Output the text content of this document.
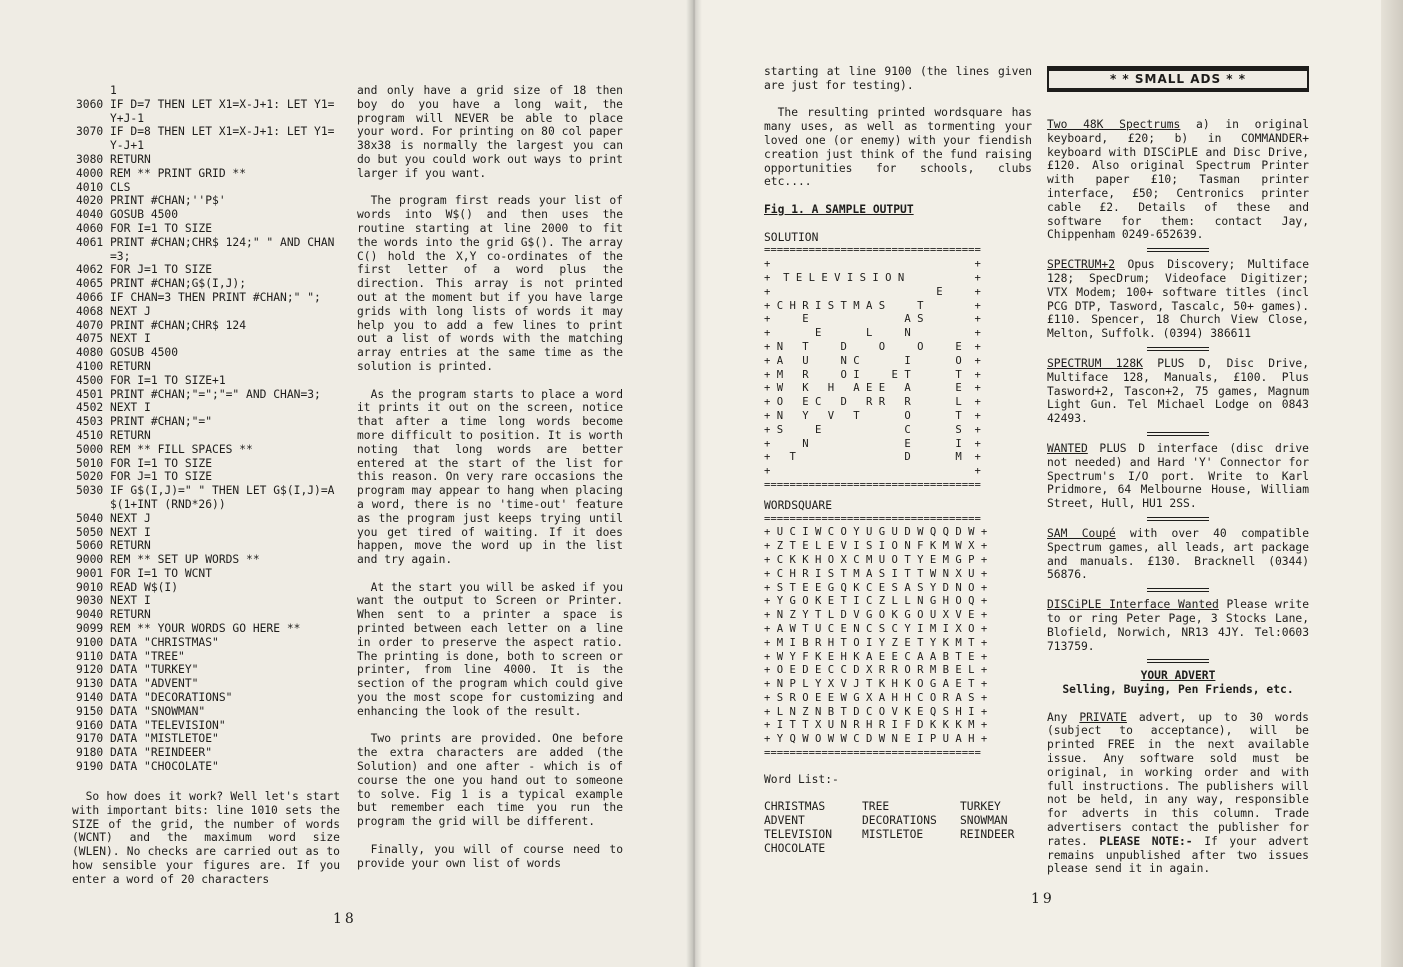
1
3060 IF D=7 THEN LET X1=X-J+1: LET Y1=
Y+J-1
3070 IF D=8 THEN LET X1=X-J+1: LET Y1=
Y-J+1
3080 RETURN
4000 REM ** PRINT GRID **
4010 CLS
4020 PRINT #CHAN;''P$'
4040 GOSUB 4500
4060 FOR I=1 TO SIZE
4061 PRINT #CHAN;CHR$ 124;" " AND CHAN
=3;
4062 FOR J=1 TO SIZE
4065 PRINT #CHAN;G$(I,J);
4066 IF CHAN=3 THEN PRINT #CHAN;" ";
4068 NEXT J
4070 PRINT #CHAN;CHR$ 124
4075 NEXT I
4080 GOSUB 4500
4100 RETURN
4500 FOR I=1 TO SIZE+1
4501 PRINT #CHAN;"=";"=" AND CHAN=3;
4502 NEXT I
4503 PRINT #CHAN;"="
4510 RETURN
5000 REM ** FILL SPACES **
5010 FOR I=1 TO SIZE
5020 FOR J=1 TO SIZE
5030 IF G$(I,J)=" " THEN LET G$(I,J)=A
$(1+INT (RND*26))
5040 NEXT J
5050 NEXT I
5060 RETURN
9000 REM ** SET UP WORDS **
9001 FOR I=1 TO WCNT
9010 READ W$(I)
9030 NEXT I
9040 RETURN
9099 REM ** YOUR WORDS GO HERE **
9100 DATA "CHRISTMAS"
9110 DATA "TREE"
9120 DATA "TURKEY"
9130 DATA "ADVENT"
9140 DATA "DECORATIONS"
9150 DATA "SNOWMAN"
9160 DATA "TELEVISION"
9170 DATA "MISTLETOE"
9180 DATA "REINDEER"
9190 DATA "CHOCOLATE"

So how does it work? Well let's start with important bits: line 1010 sets the SIZE of the grid, the number of words (WCNT) and the maximum word size (WLEN). No checks are carried out as to how sensible your figures are. If you enter a word of 20 characters

and only have a grid size of 18 then boy do you have a long wait, the program will NEVER be able to place your word. For printing on 80 col paper 38x38 is normally the largest you can do but you could work out ways to print larger if you want.

The program first reads your list of words into W$() and then uses the routine starting at line 2000 to fit the words into the grid G$(). The array C() hold the X,Y co-ordinates of the first letter of a word plus the direction. This array is not printed out at the moment but if you have large grids with long lists of words it may help you to add a few lines to print out a list of words with the matching array entries at the same time as the solution is printed.

As the program starts to place a word it prints it out on the screen, notice that after a time long words become more difficult to position. It is worth noting that long words are better entered at the start of the list for this reason. On very rare occasions the program may appear to hang when placing a word, there is no 'time-out' feature as the program just keeps trying until you get tired of waiting. If it does happen, move the word up in the list and try again.

At the start you will be asked if you want the output to Screen or Printer. When sent to a printer a space is printed between each letter on a line in order to preserve the aspect ratio. The printing is done, both to screen or printer, from line 4000. It is the section of the program which could give you the most scope for customizing and enhancing the look of the result.

Two prints are provided. One before the extra characters are added (the Solution) and one after - which is of course the one you hand out to someone to solve. Fig 1 is a typical example but remember each time you run the program the grid will be different.

Finally, you will of course need to provide your own list of words

18

starting at line 9100 (the lines given are just for testing).

The resulting printed wordsquare has many uses, as well as tormenting your loved one (or enemy) with your fiendish creation just think of the fund raising opportunities for schools, clubs etc....

Fig 1. A SAMPLE OUTPUT
SOLUTION
==================================
+                                +
+  T E L E V I S I O N           +
+                          E     +
+ C H R I S T M A S     T        +
+     E               A S        +
+       E       L     N          +
+ N   T     D     O     O     E  +
+ A   U     N C       I       O  +
+ M   R     O I     E T       T  +
+ W   K   H   A E E   A       E  +
+ O   E C   D   R R   R       L  +
+ N   Y   V   T       O       T  +
+ S     E             C       S  +
+     N               E       I  +
+   T                 D       M  +
+                                +
==================================
WORDSQUARE
==================================
+ U C I W C O Y U G U D W Q Q D W +
+ Z T E L E V I S I O N F K M W X +
+ C K K H O X C M U O T Y E M G P +
+ C H R I S T M A S I T T W N X U +
+ S T E E G Q K C E S A S Y D N O +
+ Y G O K E T I C Z L L N G H O Q +
+ N Z Y T L D V G O K G O U X V E +
+ A W T U C E N C S C Y I M I X O +
+ M I B R H T O I Y Z E T Y K M T +
+ W Y F K E H K A E E C A A B T E +
+ O E D E C C D X R R O R M B E L +
+ N P L Y X V J T K H K O G A E T +
+ S R O E E W G X A H H C O R A S +
+ L N Z N B T D C O V K E Q S H I +
+ I T T X U N R H R I F D K K K M +
+ Y Q W O W W C D W N E I P U A H +
==================================
Word List:-
CHRISTMAS	TREE	TURKEY
ADVENT	DECORATIONS	SNOWMAN
TELEVISION	MISTLETOE	REINDEER
CHOCOLATE
* * SMALL ADS * *
Two 48K Spectrums a) in original keyboard, £20; b) in COMMANDER+ keyboard with DISCiPLE and Disc Drive, £120. Also original Spectrum Printer with paper £10; Tasman printer interface, £50; Centronics printer cable £2. Details of these and software for them: contact Jay, Chippenham 0249-652639.
SPECTRUM+2 Opus Discovery; Multiface 128; SpecDrum; Videoface Digitizer; VTX Modem; 100+ software titles (incl PCG DTP, Tasword, Tascalc, 50+ games). £110. Spencer, 18 Church View Close, Melton, Suffolk. (0394) 386611
SPECTRUM 128K PLUS D, Disc Drive, Multiface 128, Manuals, £100. Plus Tasword+2, Tascon+2, 75 games, Magnum Light Gun. Tel Michael Lodge on 0843 42493.
WANTED PLUS D interface (disc drive not needed) and Hard 'Y' Connector for Spectrum's I/O port. Write to Karl Pridmore, 64 Melbourne House, William Street, Hull, HU1 2SS.
SAM Coupé with over 40 compatible Spectrum games, all leads, art package and manuals. £130. Bracknell (0344) 56876.
DISCiPLE Interface Wanted Please write to or ring Peter Page, 3 Stocks Lane, Blofield, Norwich, NR13 4JY. Tel:0603 713759.
YOUR ADVERT
Selling, Buying, Pen Friends, etc.
Any PRIVATE advert, up to 30 words (subject to acceptance), will be printed FREE in the next available issue. Any software sold must be original, in working order and with full instructions. The publishers will not be held, in any way, responsible for adverts in this column. Trade advertisers contact the publisher for rates. PLEASE NOTE:- If your advert remains unpublished after two issues please send it in again.
19
